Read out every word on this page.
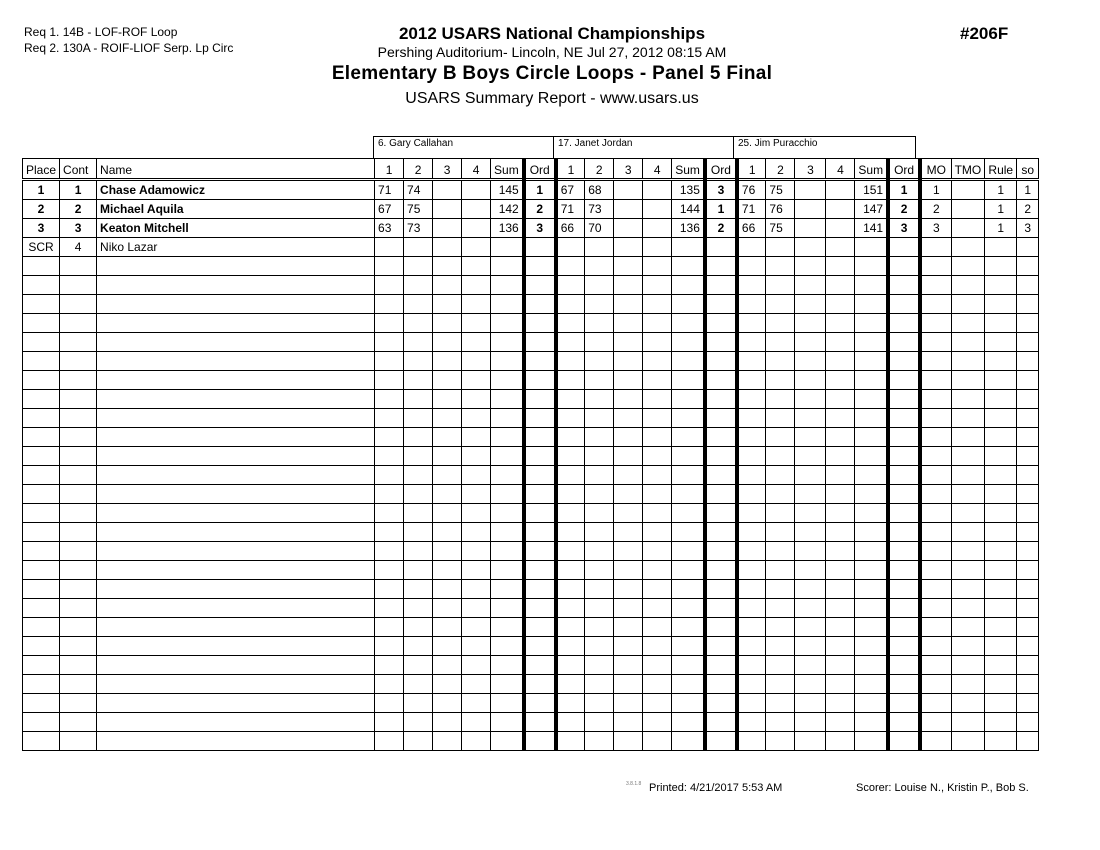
Req 1. 14B - LOF-ROF Loop
Req 2. 130A - ROIF-LIOF Serp. Lp Circ
2012 USARS National Championships
Pershing Auditorium- Lincoln, NE Jul 27, 2012 08:15 AM
Elementary B Boys Circle Loops - Panel 5 Final
USARS Summary Report - www.usars.us
#206F
6. Gary Callahan	17. Janet Jordan	25. Jim Puracchio
Place	Cont	Name	1	2	3	4	Sum	Ord	1	2	3	4	Sum	Ord	1	2	3	4	Sum	Ord	MO	TMO	Rule	so
1	1	Chase Adamowicz	71	74			145	1	67	68			135	3	76	75			151	1	1		1	1
2	2	Michael Aquila	67	75			142	2	71	73			144	1	71	76			147	2	2		1	2
3	3	Keaton Mitchell	63	73			136	3	66	70			136	2	66	75			141	3	3		1	3
SCR	4	Niko Lazar																						

3.8.1.8 Printed: 4/21/2017 5:53 AM	Scorer: Louise N., Kristin P., Bob S.
